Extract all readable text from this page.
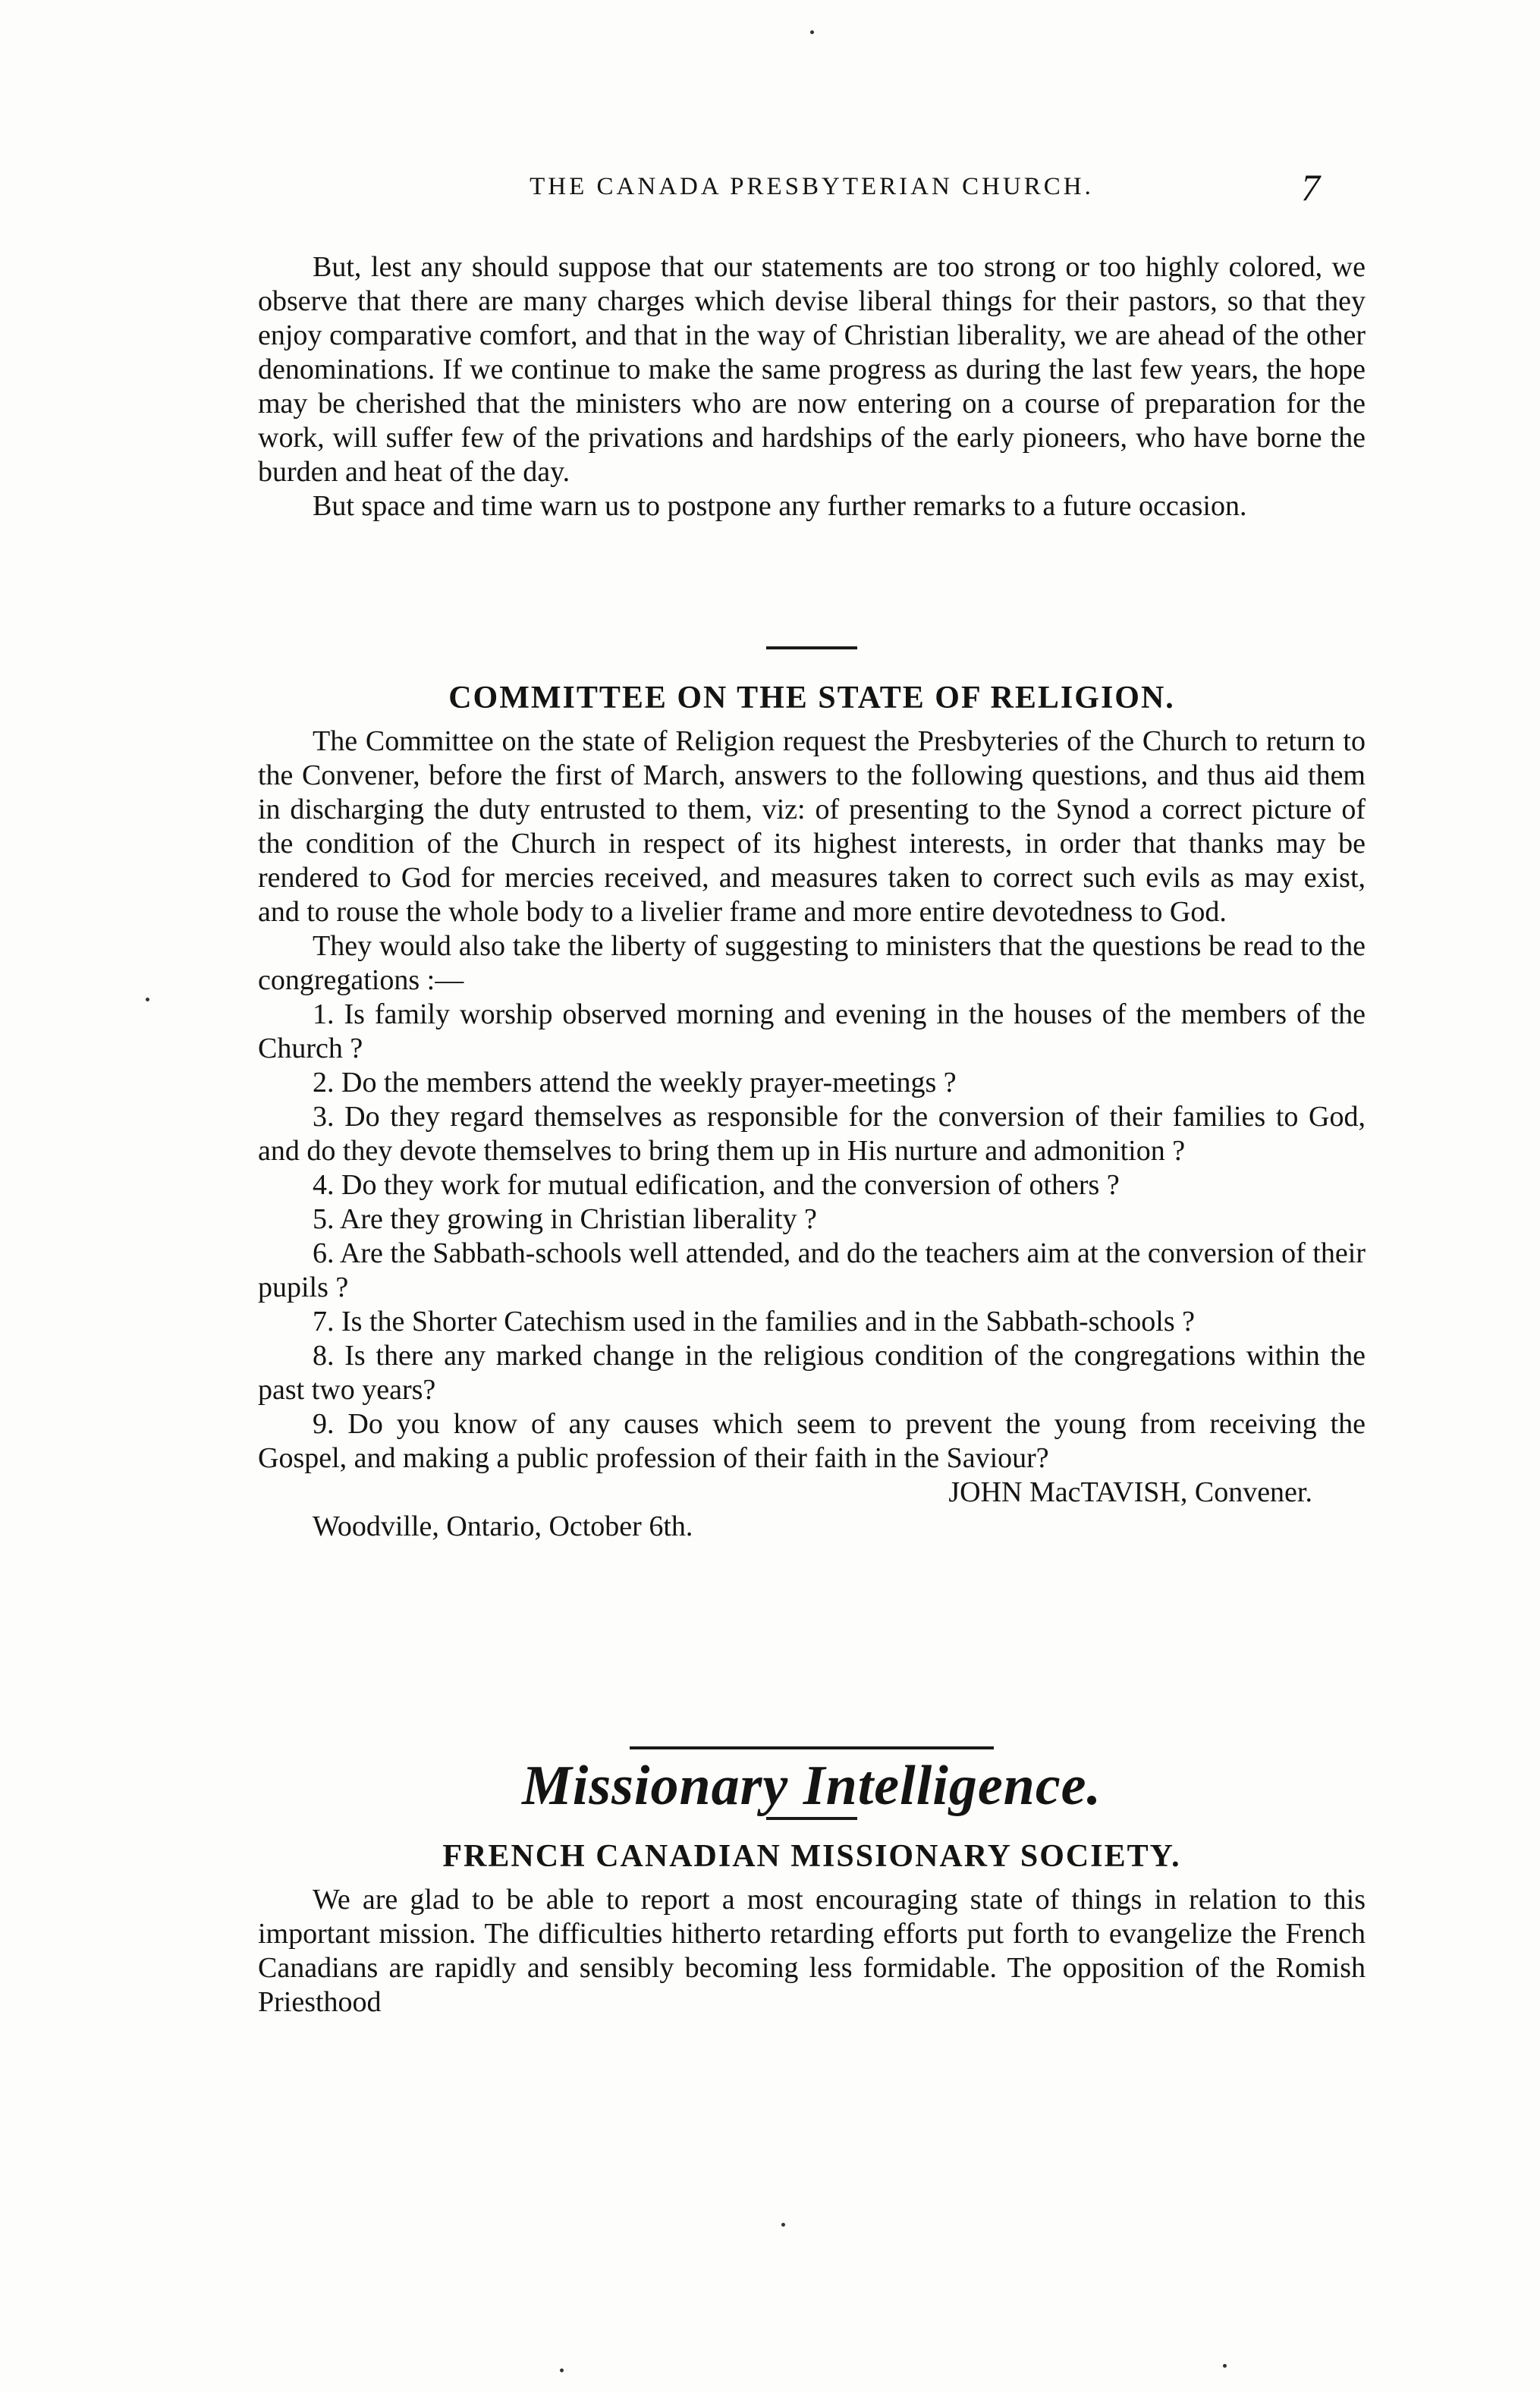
THE CANADA PRESBYTERIAN CHURCH.	7

But, lest any should suppose that our statements are too strong or too highly colored, we observe that there are many charges which devise liberal things for their pastors, so that they enjoy comparative comfort, and that in the way of Christian liberality, we are ahead of the other denominations. If we continue to make the same progress as during the last few years, the hope may be cherished that the ministers who are now entering on a course of preparation for the work, will suffer few of the privations and hardships of the early pioneers, who have borne the burden and heat of the day.

But space and time warn us to postpone any further remarks to a future occasion.

COMMITTEE ON THE STATE OF RELIGION.

The Committee on the state of Religion request the Presbyteries of the Church to return to the Convener, before the first of March, answers to the following questions, and thus aid them in discharging the duty entrusted to them, viz: of presenting to the Synod a correct picture of the condition of the Church in respect of its highest interests, in order that thanks may be rendered to God for mercies received, and measures taken to correct such evils as may exist, and to rouse the whole body to a livelier frame and more entire devotedness to God.

They would also take the liberty of suggesting to ministers that the questions be read to the congregations :—

1. Is family worship observed morning and evening in the houses of the members of the Church ?

2. Do the members attend the weekly prayer-meetings ?

3. Do they regard themselves as responsible for the conversion of their families to God, and do they devote themselves to bring them up in His nurture and admonition ?

4. Do they work for mutual edification, and the conversion of others ?

5. Are they growing in Christian liberality ?

6. Are the Sabbath-schools well attended, and do the teachers aim at the conversion of their pupils ?

7. Is the Shorter Catechism used in the families and in the Sabbath-schools ?

8. Is there any marked change in the religious condition of the congregations within the past two years?

9. Do you know of any causes which seem to prevent the young from receiving the Gospel, and making a public profession of their faith in the Saviour?

JOHN MacTAVISH, Convener.
Woodville, Ontario, October 6th.
Missionary Intelligence.
FRENCH CANADIAN MISSIONARY SOCIETY.

We are glad to be able to report a most encouraging state of things in relation to this important mission. The difficulties hitherto retarding efforts put forth to evangelize the French Canadians are rapidly and sensibly becoming less formidable. The opposition of the Romish Priesthood
